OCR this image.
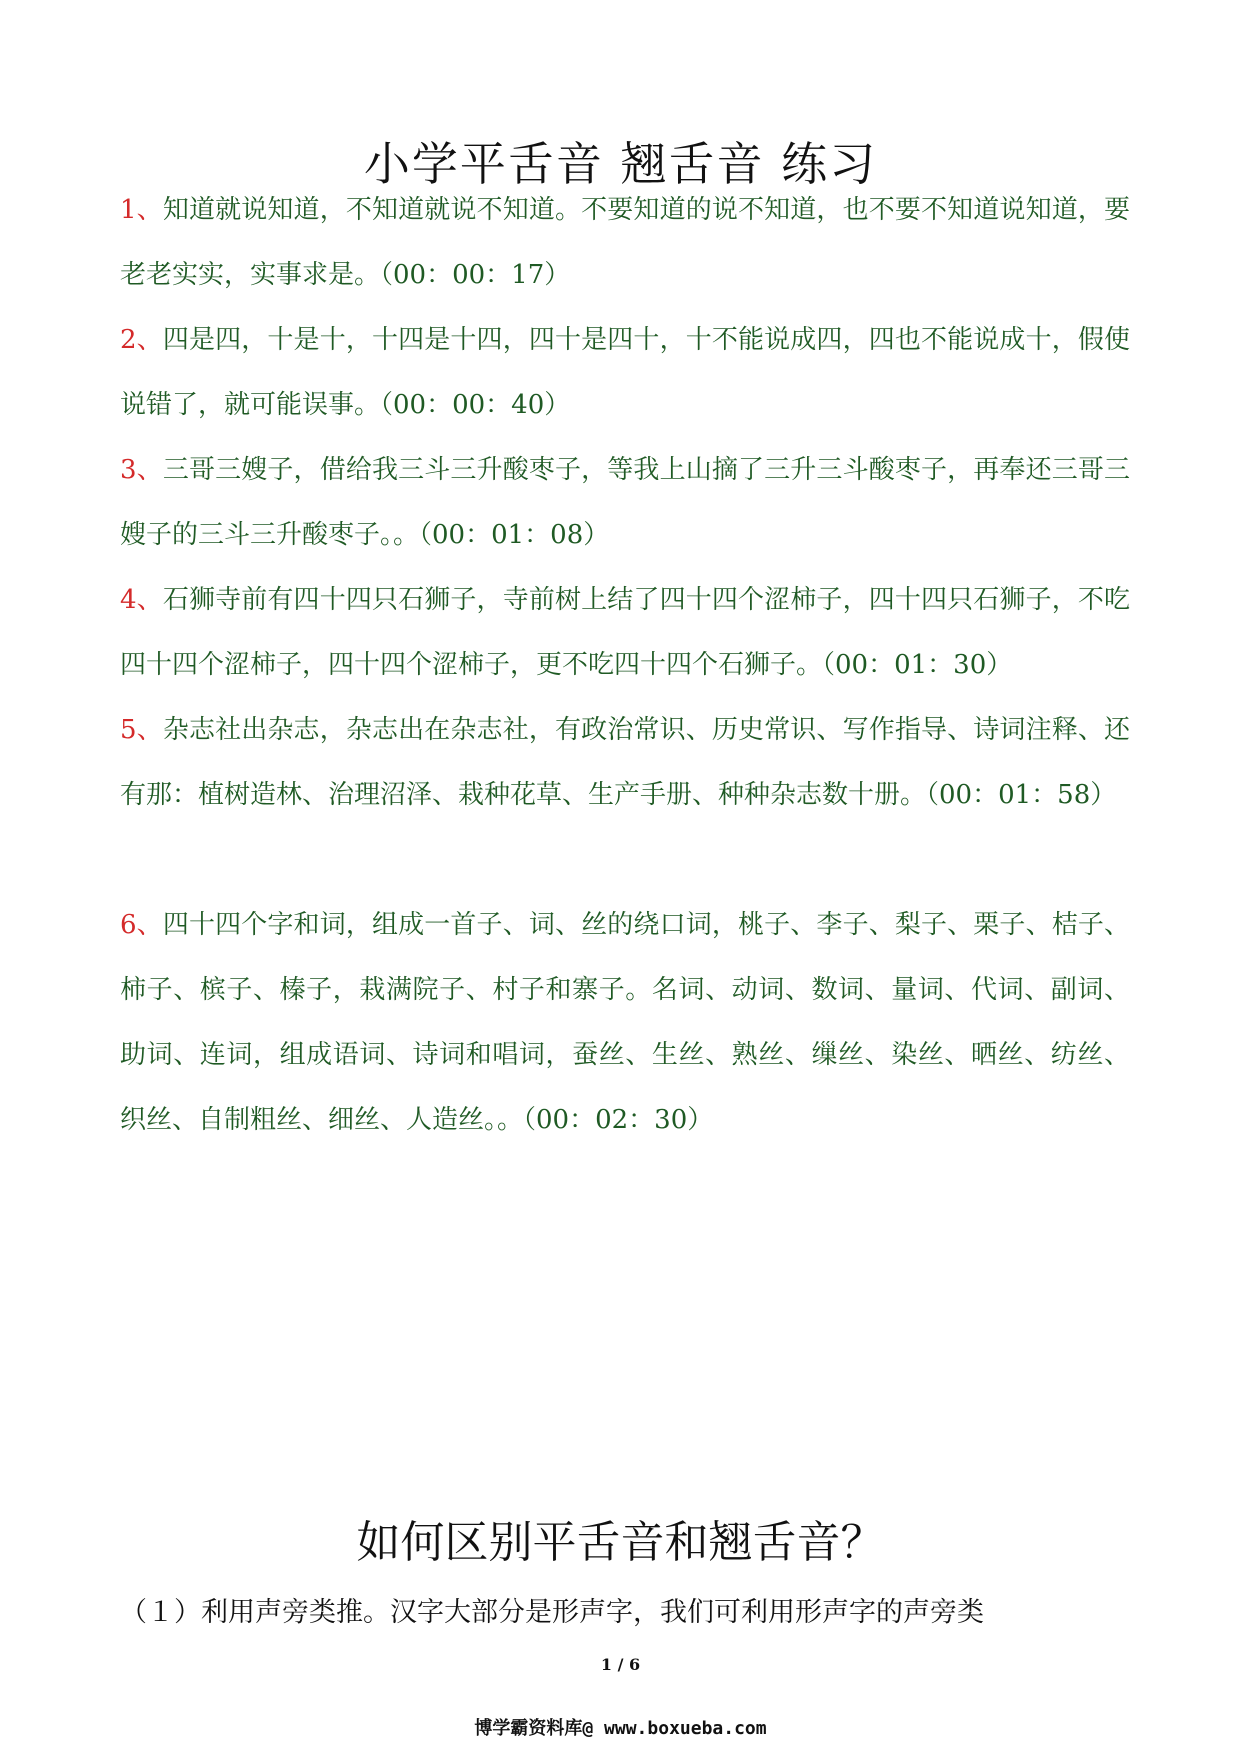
小学平舌音 翘舌音 练习
1、知道就说知道，不知道就说不知道。不要知道的说不知道，也不要不知道说知道，要老老实实，实事求是。（00：00：17）
2、四是四，十是十，十四是十四，四十是四十，十不能说成四，四也不能说成十，假使说错了，就可能误事。（00：00：40）
3、三哥三嫂子，借给我三斗三升酸枣子，等我上山摘了三升三斗酸枣子，再奉还三哥三嫂子的三斗三升酸枣子。。（00：01：08）
4、石狮寺前有四十四只石狮子，寺前树上结了四十四个涩柿子，四十四只石狮子，不吃四十四个涩柿子，四十四个涩柿子，更不吃四十四个石狮子。（00：01：30）
5、杂志社出杂志，杂志出在杂志社，有政治常识、历史常识、写作指导、诗词注释、还有那：植树造林、治理沼泽、栽种花草、生产手册、种种杂志数十册。（00：01：58）
6、四十四个字和词，组成一首子、词、丝的绕口词，桃子、李子、梨子、栗子、桔子、柿子、槟子、榛子，栽满院子、村子和寨子。名词、动词、数词、量词、代词、副词、助词、连词，组成语词、诗词和唱词，蚕丝、生丝、熟丝、缫丝、染丝、晒丝、纺丝、织丝、自制粗丝、细丝、人造丝。。（00：02：30）
如何区别平舌音和翘舌音？
（１）利用声旁类推。汉字大部分是形声字，我们可利用形声字的声旁类
1 / 6
博学霸资料库@ www.boxueba.com
